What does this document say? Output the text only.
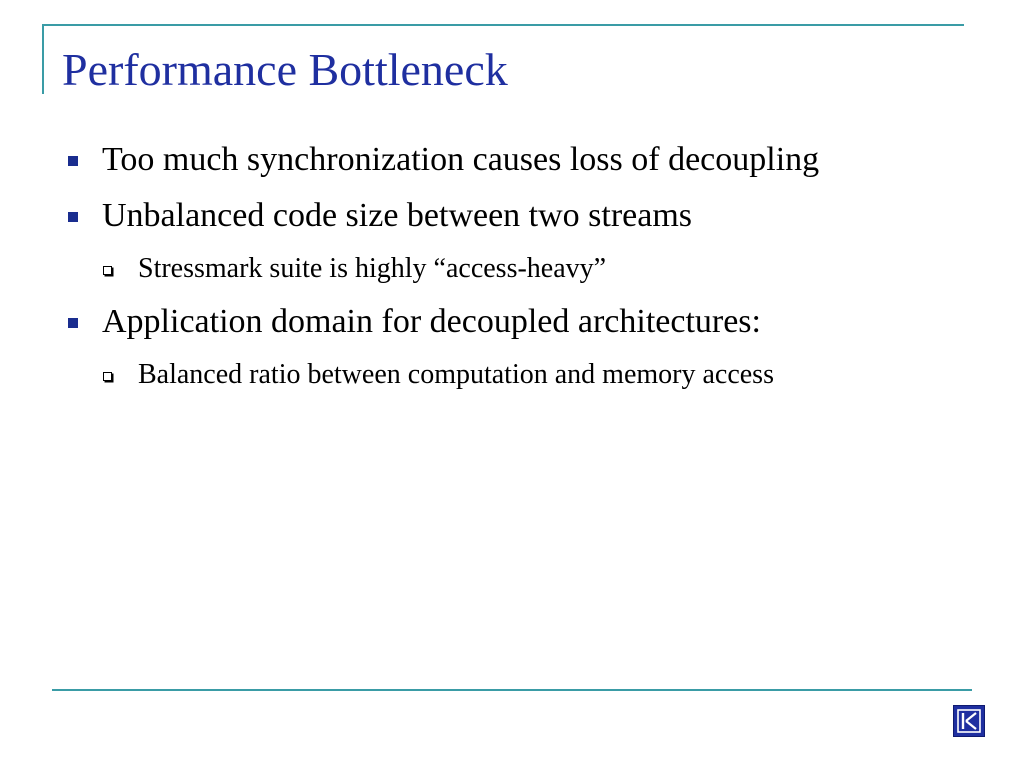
Performance Bottleneck
Too much synchronization causes loss of decoupling
Unbalanced code size between two streams
Stressmark suite is highly “access-heavy”
Application domain for decoupled architectures:
Balanced ratio between computation and memory access
